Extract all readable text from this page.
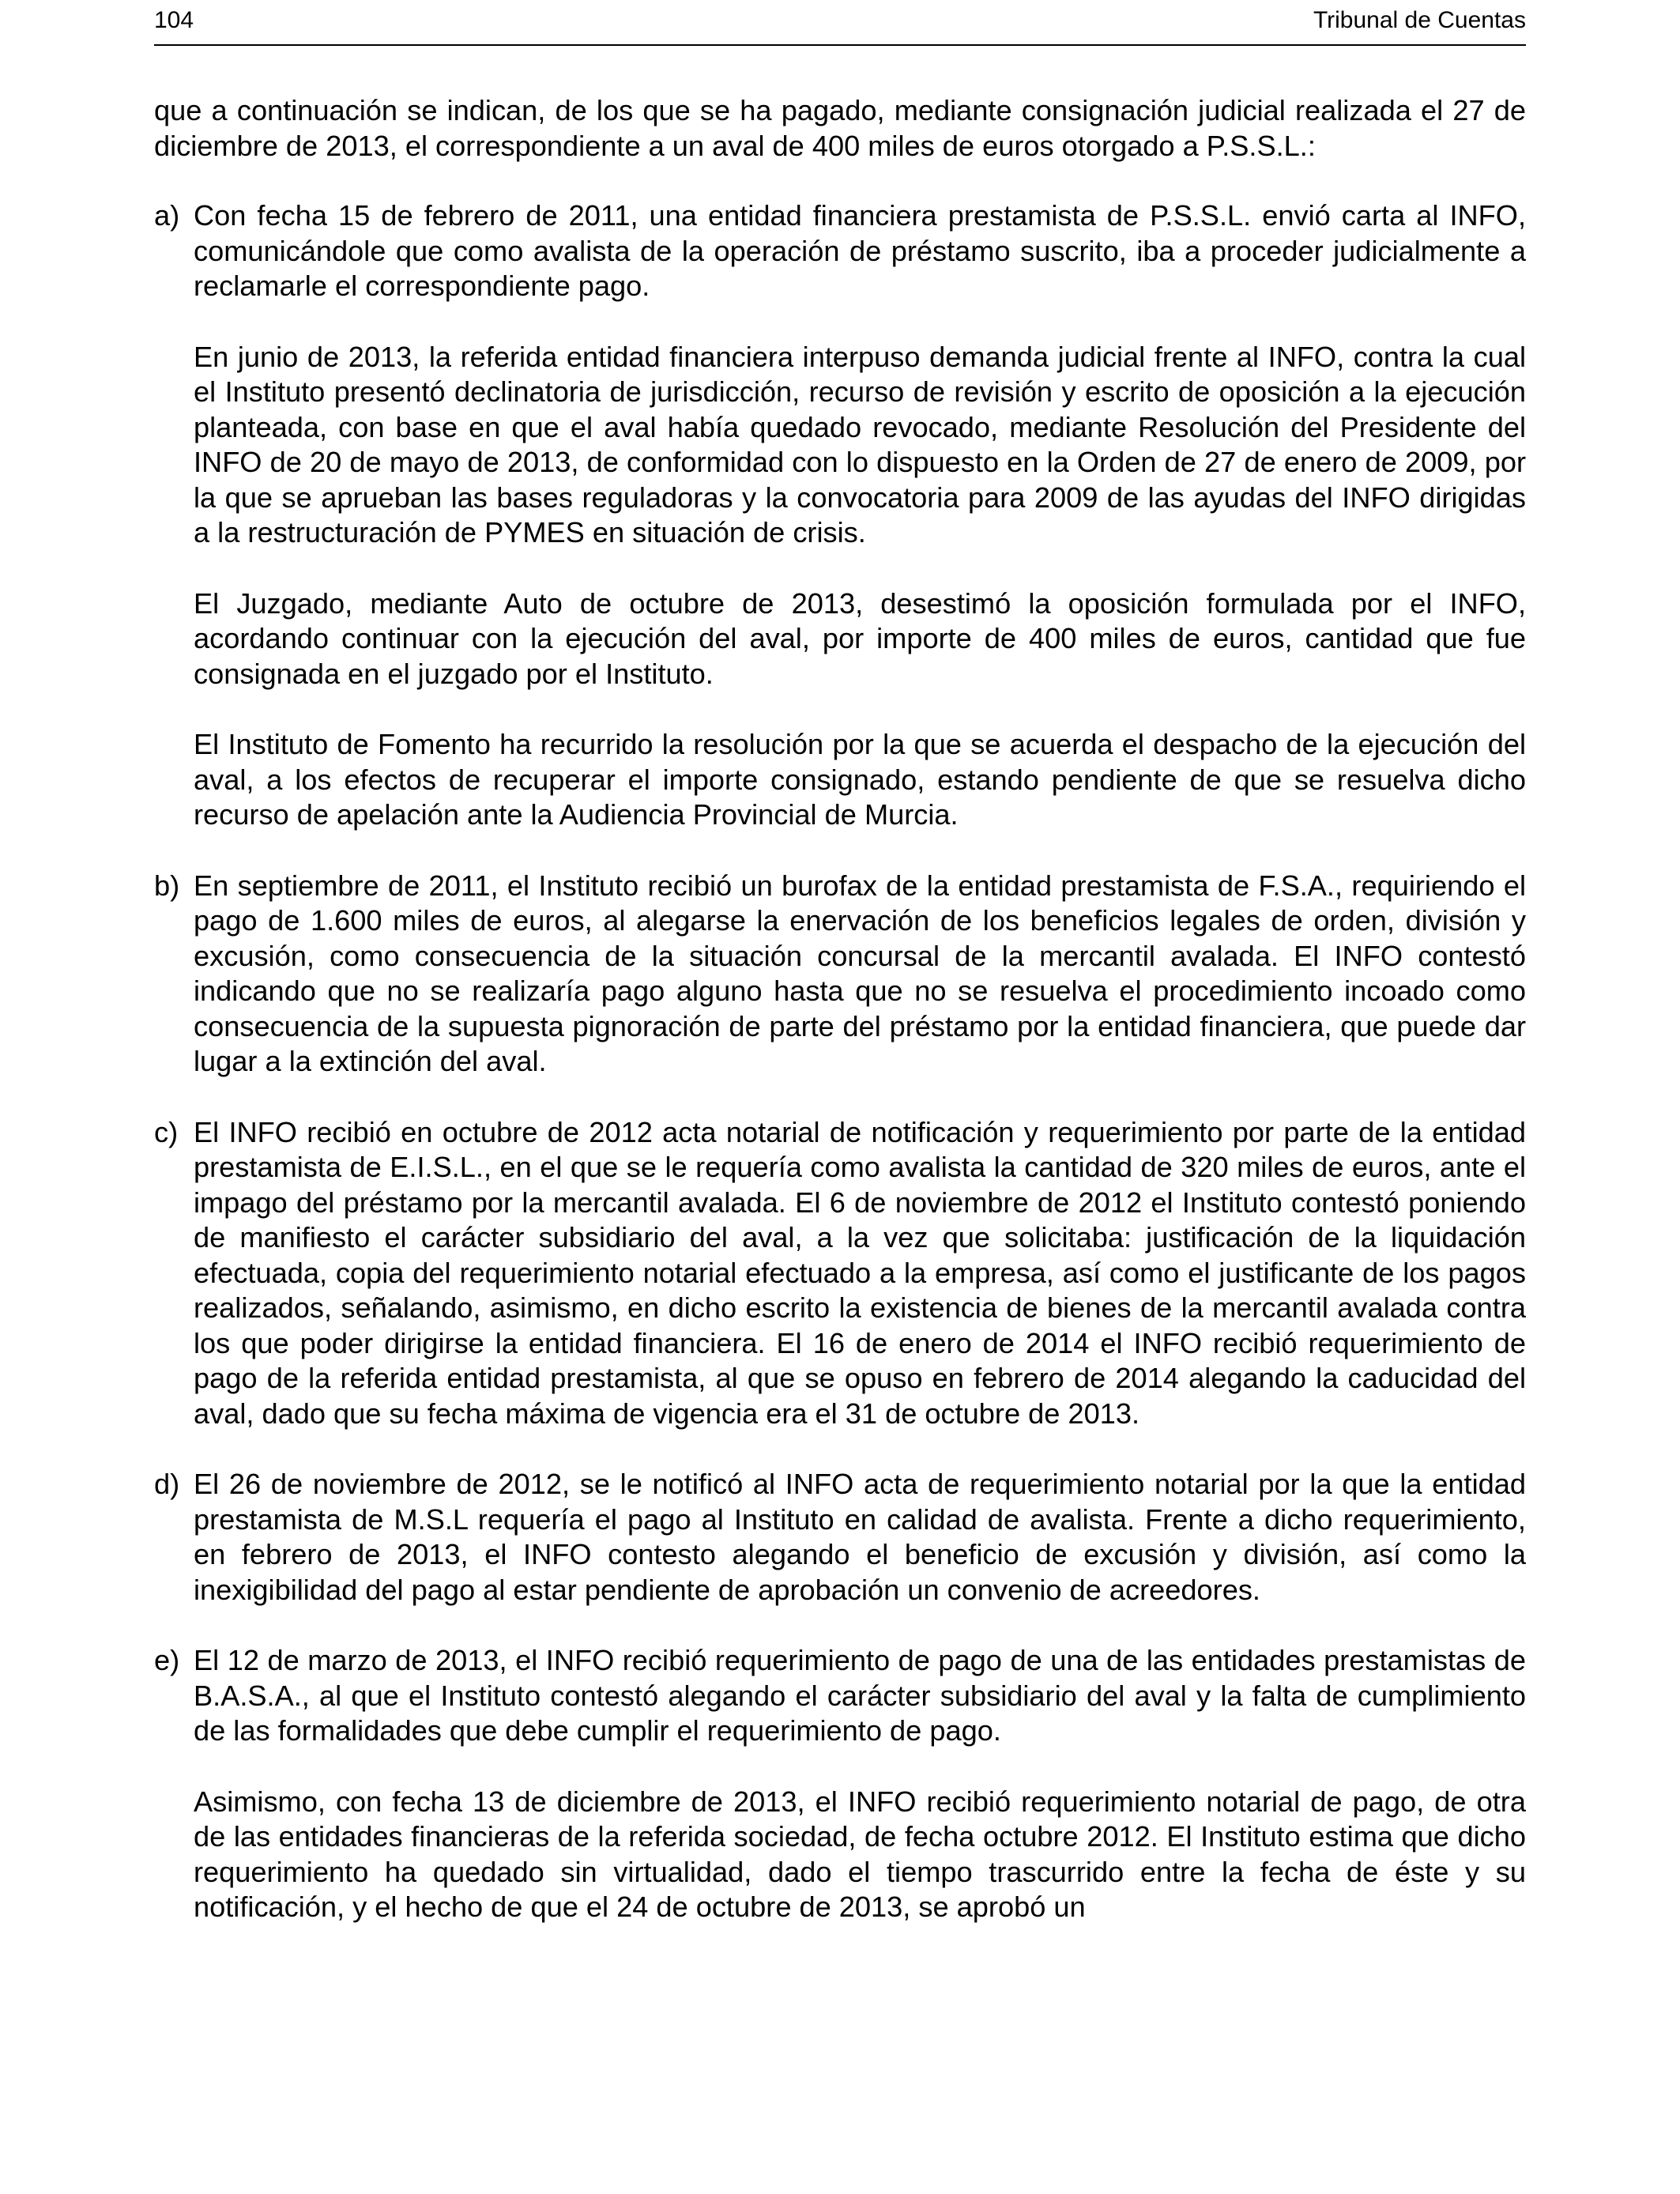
104	Tribunal de Cuentas

que a continuación se indican, de los que se ha pagado, mediante consignación judicial realizada el 27 de diciembre de 2013, el correspondiente a un aval de 400 miles de euros otorgado a P.S.S.L.:

a) Con fecha 15 de febrero de 2011, una entidad financiera prestamista de P.S.S.L. envió carta al INFO, comunicándole que como avalista de la operación de préstamo suscrito, iba a proceder judicialmente a reclamarle el correspondiente pago.

En junio de 2013, la referida entidad financiera interpuso demanda judicial frente al INFO, contra la cual el Instituto presentó declinatoria de jurisdicción, recurso de revisión y escrito de oposición a la ejecución planteada, con base en que el aval había quedado revocado, mediante Resolución del Presidente del INFO de 20 de mayo de 2013, de conformidad con lo dispuesto en la Orden de 27 de enero de 2009, por la que se aprueban las bases reguladoras y la convocatoria para 2009 de las ayudas del INFO dirigidas a la restructuración de PYMES en situación de crisis.

El Juzgado, mediante Auto de octubre de 2013, desestimó la oposición formulada por el INFO, acordando continuar con la ejecución del aval, por importe de 400 miles de euros, cantidad que fue consignada en el juzgado por el Instituto.

El Instituto de Fomento ha recurrido la resolución por la que se acuerda el despacho de la ejecución del aval, a los efectos de recuperar el importe consignado, estando pendiente de que se resuelva dicho recurso de apelación ante la Audiencia Provincial de Murcia.

b) En septiembre de 2011, el Instituto recibió un burofax de la entidad prestamista de F.S.A., requiriendo el pago de 1.600 miles de euros, al alegarse la enervación de los beneficios legales de orden, división y excusión, como consecuencia de la situación concursal de la mercantil avalada. El INFO contestó indicando que no se realizaría pago alguno hasta que no se resuelva el procedimiento incoado como consecuencia de la supuesta pignoración de parte del préstamo por la entidad financiera, que puede dar lugar a la extinción del aval.

c) El INFO recibió en octubre de 2012 acta notarial de notificación y requerimiento por parte de la entidad prestamista de E.I.S.L., en el que se le requería como avalista la cantidad de 320 miles de euros, ante el impago del préstamo por la mercantil avalada. El 6 de noviembre de 2012 el Instituto contestó poniendo de manifiesto el carácter subsidiario del aval, a la vez que solicitaba: justificación de la liquidación efectuada, copia del requerimiento notarial efectuado a la empresa, así como el justificante de los pagos realizados, señalando, asimismo, en dicho escrito la existencia de bienes de la mercantil avalada contra los que poder dirigirse la entidad financiera. El 16 de enero de 2014 el INFO recibió requerimiento de pago de la referida entidad prestamista, al que se opuso en febrero de 2014 alegando la caducidad del aval, dado que su fecha máxima de vigencia era el 31 de octubre de 2013.

d) El 26 de noviembre de 2012, se le notificó al INFO acta de requerimiento notarial por la que la entidad prestamista de M.S.L requería el pago al Instituto en calidad de avalista. Frente a dicho requerimiento, en febrero de 2013, el INFO contesto alegando el beneficio de excusión y división, así como la inexigibilidad del pago al estar pendiente de aprobación un convenio de acreedores.

e) El 12 de marzo de 2013, el INFO recibió requerimiento de pago de una de las entidades prestamistas de B.A.S.A., al que el Instituto contestó alegando el carácter subsidiario del aval y la falta de cumplimiento de las formalidades que debe cumplir el requerimiento de pago.

Asimismo, con fecha 13 de diciembre de 2013, el INFO recibió requerimiento notarial de pago, de otra de las entidades financieras de la referida sociedad, de fecha octubre 2012. El Instituto estima que dicho requerimiento ha quedado sin virtualidad, dado el tiempo trascurrido entre la fecha de éste y su notificación, y el hecho de que el 24 de octubre de 2013, se aprobó un
